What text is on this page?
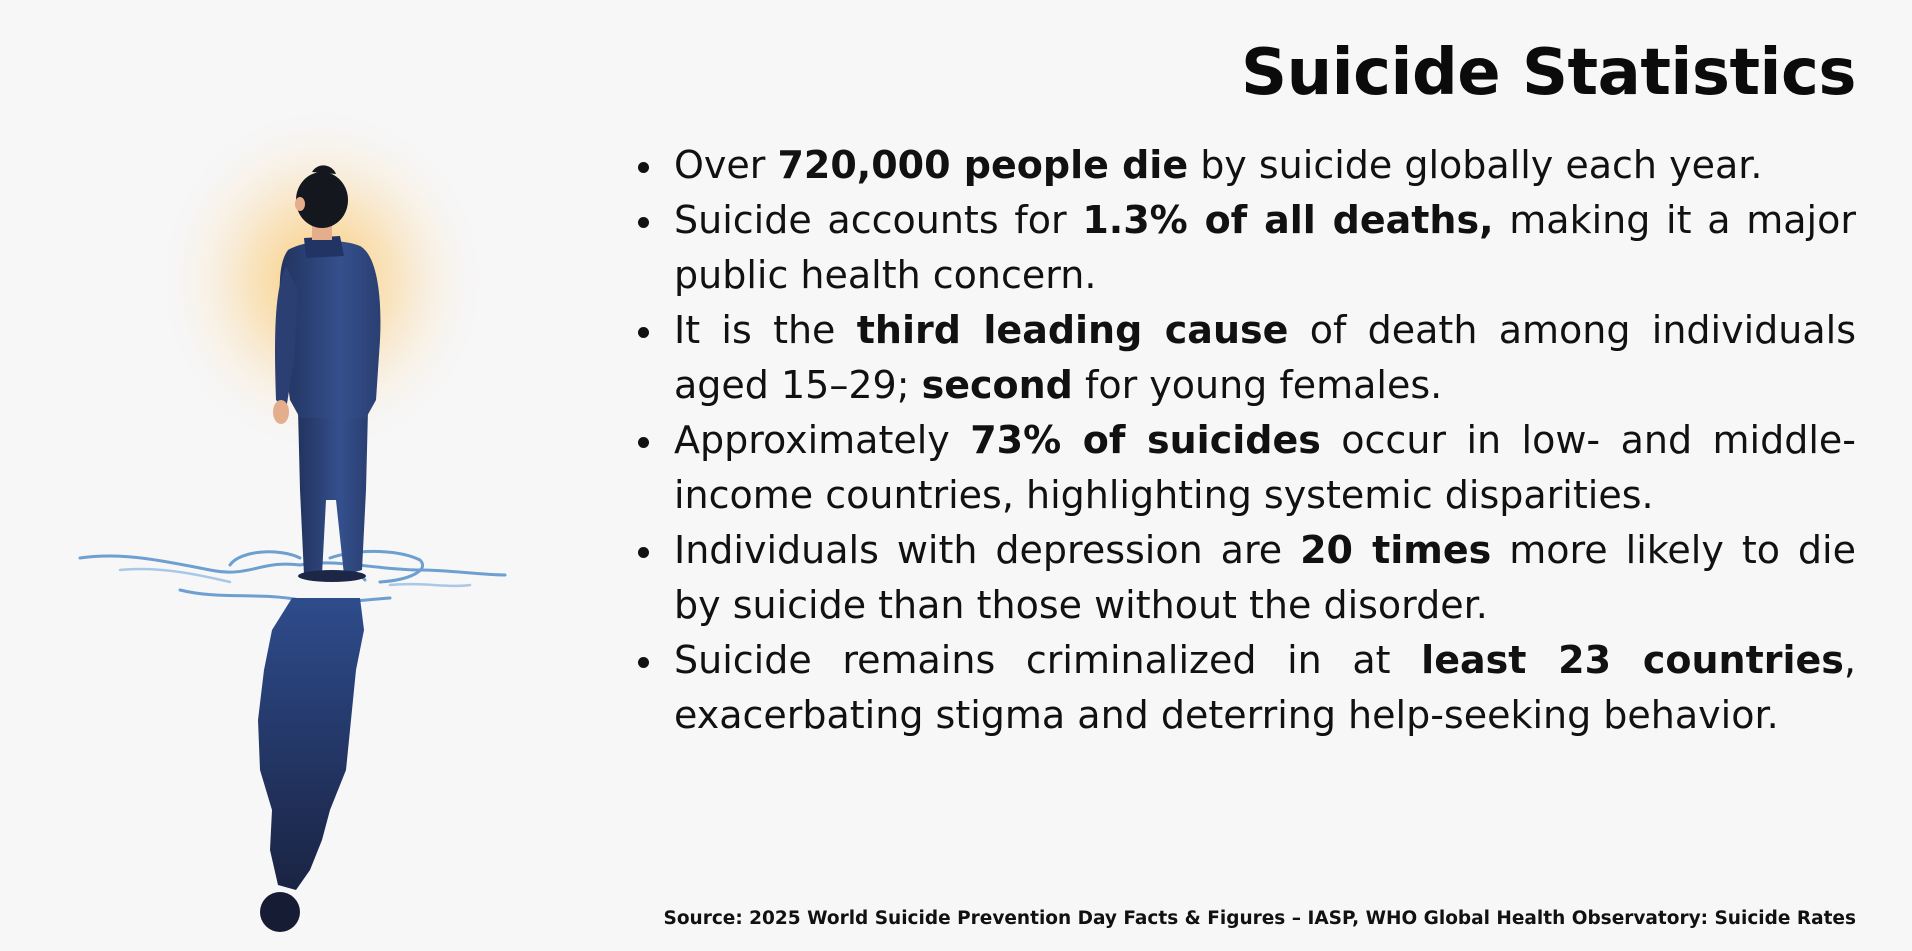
Suicide Statistics
Over 720,000 people die by suicide globally each year.
Suicide accounts for 1.3% of all deaths, making it a major public health concern.
It is the third leading cause of death among individuals aged 15–29; second for young females.
Approximately 73% of suicides occur in low- and middle-income countries, highlighting systemic disparities.
Individuals with depression are 20 times more likely to die by suicide than those without the disorder.
Suicide remains criminalized in at least 23 countries, exacerbating stigma and deterring help-seeking behavior.
Source: 2025 World Suicide Prevention Day Facts & Figures – IASP, WHO Global Health Observatory: Suicide Rates
